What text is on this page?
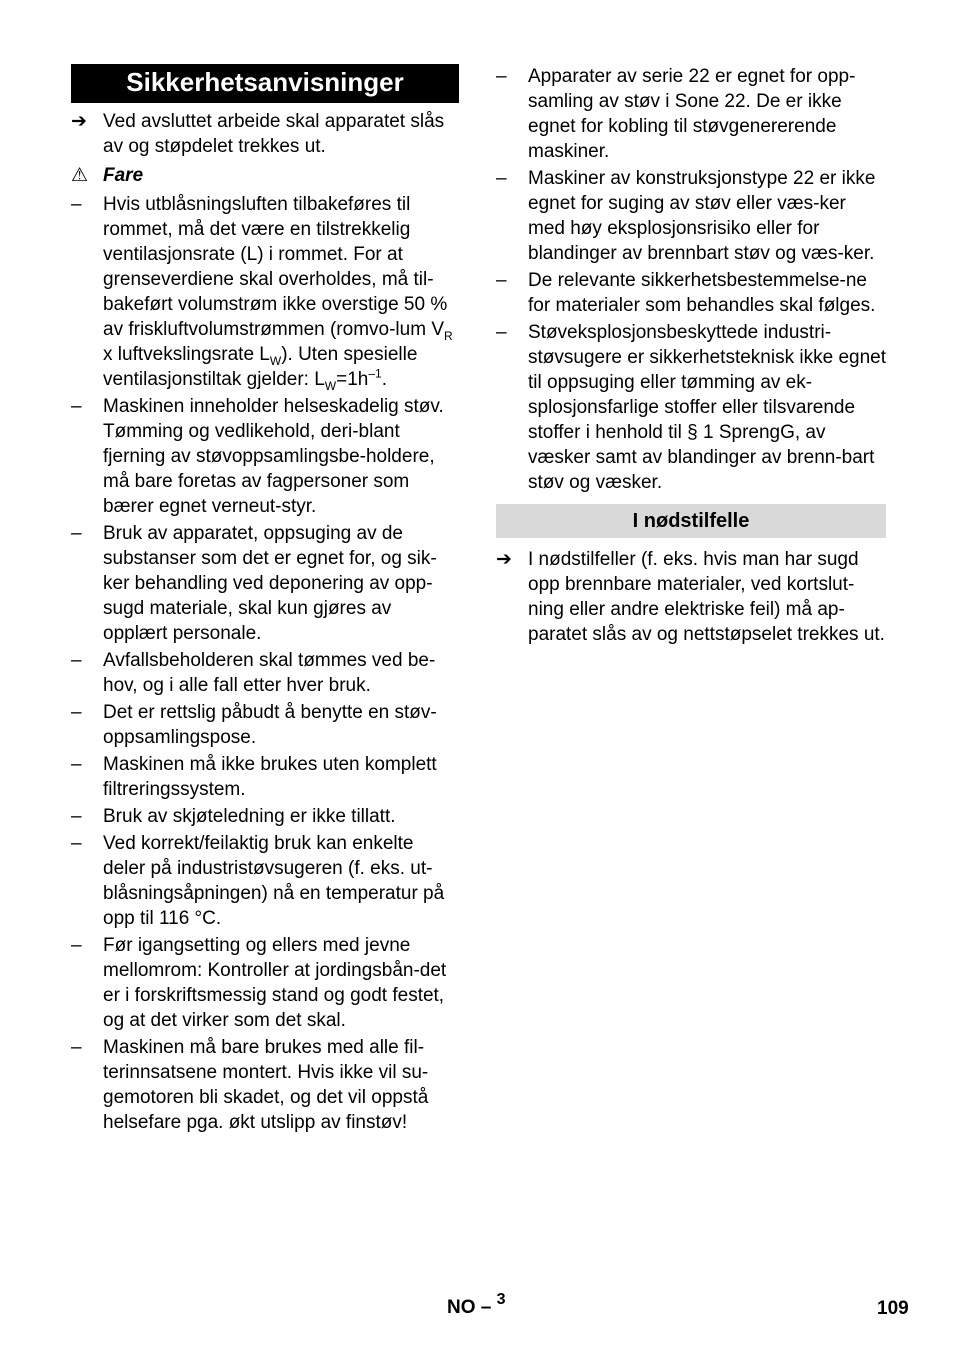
Sikkerhetsanvisninger
➔ Ved avsluttet arbeide skal apparatet slås av og støpdelet trekkes ut.
⚠ Fare
–	Hvis utblåsningsluften tilbakeføres til rommet, må det være en tilstrekkelig ventilasjonsrate (L) i rommet. For at grenseverdiene skal overholdes, må til-bakeført volumstrøm ikke overstige 50 % av friskluftvolumstrømmen (romvo-lum $V_R$ x luftvekslingsrate $L_W$). Uten spesielle ventilasjonstiltak gjelder: $L_W=1h^{-1}$.
–	Maskinen inneholder helseskadelig støv. Tømming og vedlikehold, deri-blant fjerning av støvoppsamlingsbe-holdere, må bare foretas av fagpersoner som bærer egnet verneut-styr.
–	Bruk av apparatet, oppsuging av de substanser som det er egnet for, og sik-ker behandling ved deponering av opp-sugd materiale, skal kun gjøres av opplært personale.
–	Avfallsbeholderen skal tømmes ved be-hov, og i alle fall etter hver bruk.
–	Det er rettslig påbudt å benytte en støv-oppsamlingspose.
–	Maskinen må ikke brukes uten komplett filtreringssystem.
–	Bruk av skjøteledning er ikke tillatt.
–	Ved korrekt/feilaktig bruk kan enkelte deler på industristøvsugeren (f. eks. ut-blåsningsåpningen) nå en temperatur på opp til 116 °C.
–	Før igangsetting og ellers med jevne mellomrom: Kontroller at jordingsbån-det er i forskriftsmessig stand og godt festet, og at det virker som det skal.
–	Maskinen må bare brukes med alle fil-terinnsatsene montert. Hvis ikke vil su-gemotoren bli skadet, og det vil oppstå helsefare pga. økt utslipp av finstøv!
–	Apparater av serie 22 er egnet for opp-samling av støv i Sone 22. De er ikke egnet for kobling til støvgenererende maskiner.
–	Maskiner av konstruksjonstype 22 er ikke egnet for suging av støv eller væs-ker med høy eksplosjonsrisiko eller for blandinger av brennbart støv og væs-ker.
–	De relevante sikkerhetsbestemmelse-ne for materialer som behandles skal følges.
–	Støveksplosjonsbeskyttede industri-støvsugere er sikkerhetsteknisk ikke egnet til oppsuging eller tømming av ek-splosjonsfarlige stoffer eller tilsvarende stoffer i henhold til § 1 SprengG, av væsker samt av blandinger av brenn-bart støv og væsker.
I nødstilfelle
➔ I nødstilfeller (f. eks. hvis man har sugd opp brennbare materialer, ved kortslut-ning eller andre elektriske feil) må ap-paratet slås av og nettstøpselet trekkes ut.
NO – $^3$	109
